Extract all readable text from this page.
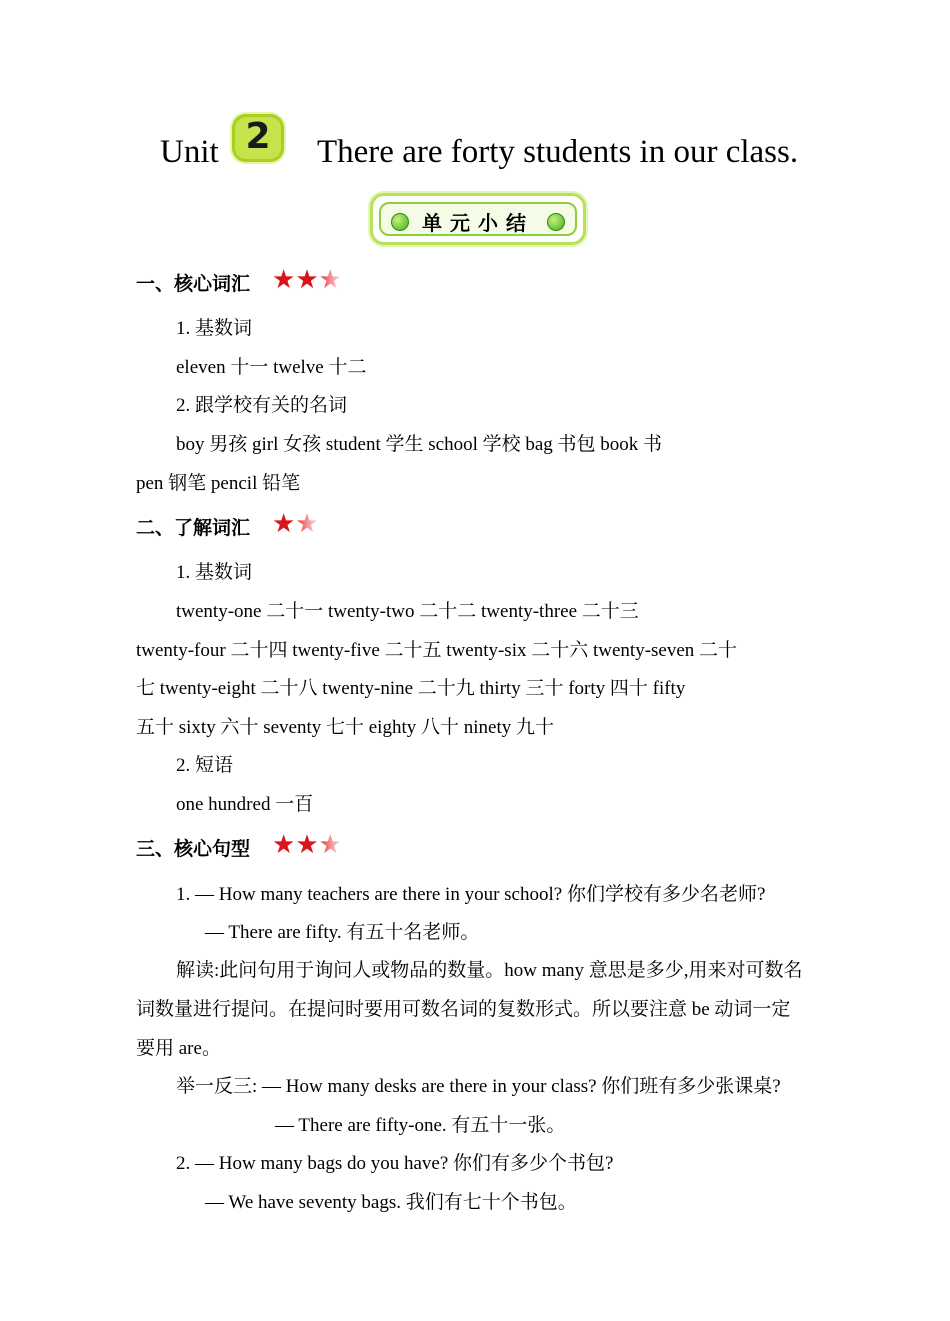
Unit 2	There are forty students in our class.
单元小结
一、核心词汇 ★★★
1. 基数词
eleven 十一 twelve 十二
2. 跟学校有关的名词
boy 男孩 girl 女孩 student 学生 school 学校 bag 书包 book 书
pen 钢笔 pencil 铅笔
二、了解词汇 ★★
1. 基数词
twenty-one 二十一 twenty-two 二十二 twenty-three 二十三
twenty-four 二十四 twenty-five 二十五 twenty-six 二十六 twenty-seven 二十
七 twenty-eight 二十八 twenty-nine 二十九 thirty 三十 forty 四十 fifty
五十 sixty 六十 seventy 七十 eighty 八十 ninety 九十
2. 短语
one hundred 一百
三、核心句型 ★★★
1. — How many teachers are there in your school? 你们学校有多少名老师?
— There are fifty. 有五十名老师。
解读:此问句用于询问人或物品的数量。how many 意思是多少,用来对可数名
词数量进行提问。在提问时要用可数名词的复数形式。所以要注意 be 动词一定
要用 are。
举一反三: — How many desks are there in your class? 你们班有多少张课桌?
— There are fifty-one. 有五十一张。
2. — How many bags do you have? 你们有多少个书包?
— We have seventy bags. 我们有七十个书包。
